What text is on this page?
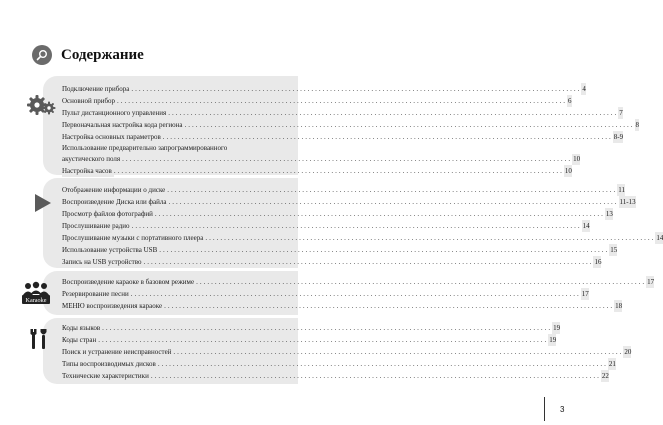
Содержание
Karaoke
Подключение прибора ........................................................................................................................ 4
Основной прибор ........................................................................................................................ 6
Пульт дистанционного управления ........................................................................................................................ 7
Первоначальная настройка кода региона ........................................................................................................................ 8
Настройка основных параметров ........................................................................................................................ 8-9
Использование предварительно запрограммированного
акустического поля ........................................................................................................................ 10
Настройка часов ........................................................................................................................ 10
Отображение информации о диске ........................................................................................................................ 11
Воспроизведение Диска или файла ........................................................................................................................ 11-13
Просмотр файлов фотографий ........................................................................................................................ 13
Прослушивание радио ........................................................................................................................ 14
Прослушивание музыки с портативного плеера ........................................................................................................................ 14
Использование устройства USB ........................................................................................................................ 15
Запись на USB устройство ........................................................................................................................ 16
Воспроизведение караоке в базовом режиме ........................................................................................................................ 17
Резервирование песни ........................................................................................................................ 17
МЕНЮ воспроизведения караоке ........................................................................................................................ 18
Коды языков ........................................................................................................................ 19
Коды стран ........................................................................................................................ 19
Поиск и устранение неисправностей ........................................................................................................................ 20
Типы воспроизводимых дисков ........................................................................................................................ 21
Технические характеристики ........................................................................................................................ 22
3
